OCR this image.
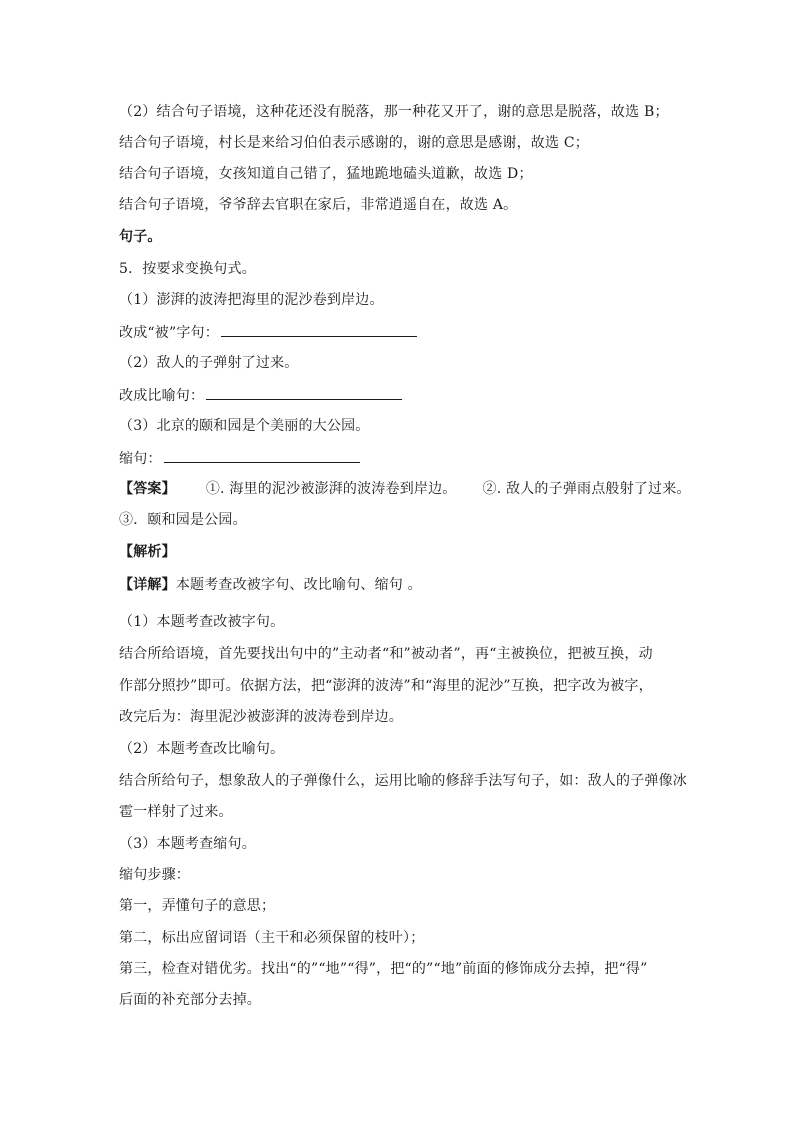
（2）结合句子语境，这种花还没有脱落，那一种花又开了，谢的意思是脱落，故选 B；
结合句子语境，村长是来给习伯伯表示感谢的，谢的意思是感谢，故选 C；
结合句子语境，女孩知道自己错了，猛地跪地磕头道歉，故选 D；
结合句子语境，爷爷辞去官职在家后，非常逍遥自在，故选 A。
句子。
5．按要求变换句式。
（1）澎湃的波涛把海里的泥沙卷到岸边。
改成“被”字句：
（2）敌人的子弹射了过来。
改成比喻句：
（3）北京的颐和园是个美丽的大公园。
缩句：
【答案】 ①. 海里的泥沙被澎湃的波涛卷到岸边。 ②. 敌人的子弹雨点般射了过来。
③．颐和园是公园。
【解析】
【详解】本题考查改被字句、改比喻句、缩句 。
（1）本题考查改被字句。
结合所给语境，首先要找出句中的”主动者“和”被动者”，再“主被换位，把被互换，动
作部分照抄”即可。依据方法，把“澎湃的波涛”和“海里的泥沙”互换，把字改为被字，
改完后为：海里泥沙被澎湃的波涛卷到岸边。
（2）本题考查改比喻句。
结合所给句子，想象敌人的子弹像什么，运用比喻的修辞手法写句子，如：敌人的子弹像冰
雹一样射了过来。
（3）本题考查缩句。
缩句步骤：
第一，弄懂句子的意思；
第二，标出应留词语（主干和必须保留的枝叶）；
第三，检查对错优劣。找出“的”“地”“得”，把“的”“地”前面的修饰成分去掉，把“得”
后面的补充部分去掉。
